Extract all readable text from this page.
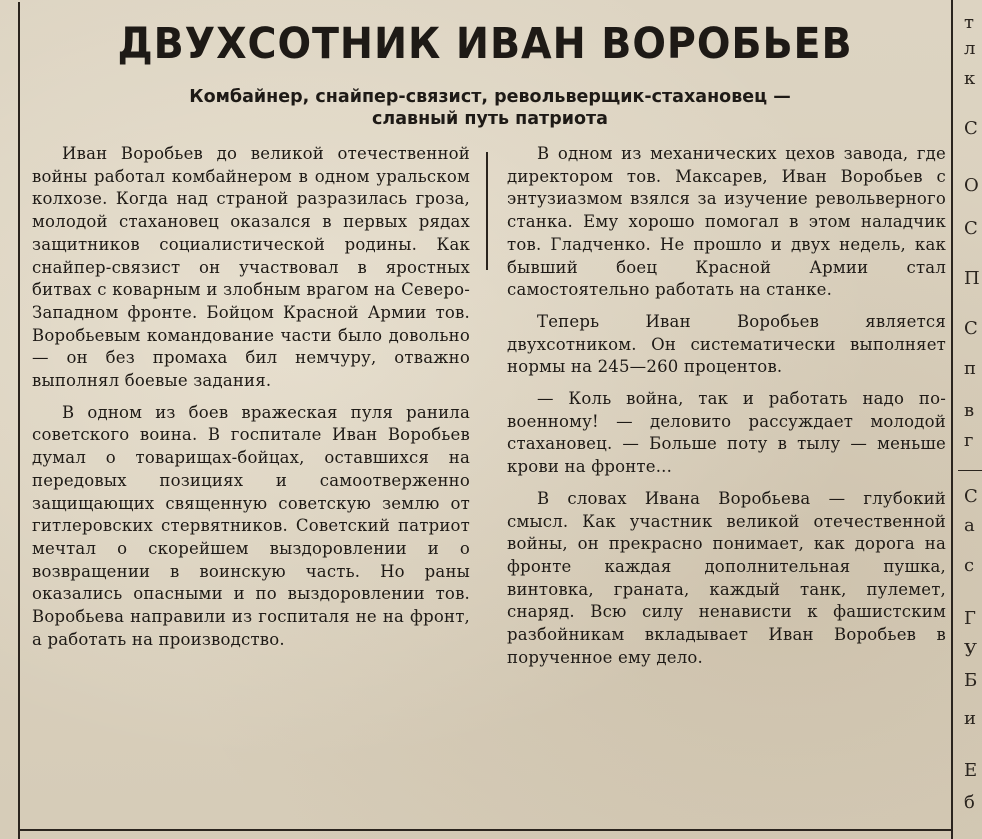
ДВУХСОТНИК ИВАН ВОРОБЬЕВ
Комбайнер, снайпер-связист, револьверщик-стахановец —
славный путь патриота

Иван Воробьев до великой отечественной войны работал комбайнером в одном уральском колхозе. Когда над страной разразилась гроза, молодой стахановец оказался в первых рядах защитников социалистической родины. Как снайпер-связист он участвовал в яростных битвах с коварным и злобным врагом на Северо-Западном фронте. Бойцом Красной Армии тов. Воробьевым командование части было довольно — он без промаха бил немчуру, отважно выполнял боевые задания.

В одном из боев вражеская пуля ранила советского воина. В госпитале Иван Воробьев думал о товарищах-бойцах, оставшихся на передовых позициях и самоотверженно защищающих священную советскую землю от гитлеровских стервятников. Советский патриот мечтал о скорейшем выздоровлении и о возвращении в воинскую часть. Но раны оказались опасными и по выздоровлении тов. Воробьева направили из госпиталя не на фронт, а работать на производство.

В одном из механических цехов завода, где директором тов. Максарев, Иван Воробьев с энтузиазмом взялся за изучение револьверного станка. Ему хорошо помогал в этом наладчик тов. Гладченко. Не прошло и двух недель, как бывший боец Красной Армии стал самостоятельно работать на станке.

Теперь Иван Воробьев является двухсотником. Он систематически выполняет нормы на 245—260 процентов.

— Коль война, так и работать надо по-военному! — деловито рассуждает молодой стахановец. — Больше поту в тылу — меньше крови на фронте...

В словах Ивана Воробьева — глубокий смысл. Как участник великой отечественной войны, он прекрасно понимает, как дорога на фронте каждая дополнительная пушка, винтовка, граната, каждый танк, пулемет, снаряд. Всю силу ненависти к фашистским разбойникам вкладывает Иван Воробьев в порученное ему дело.

т
л
к
С
О
С
П
С
п
в
г
С
а
с
Г
У
Б
и
Е
б
